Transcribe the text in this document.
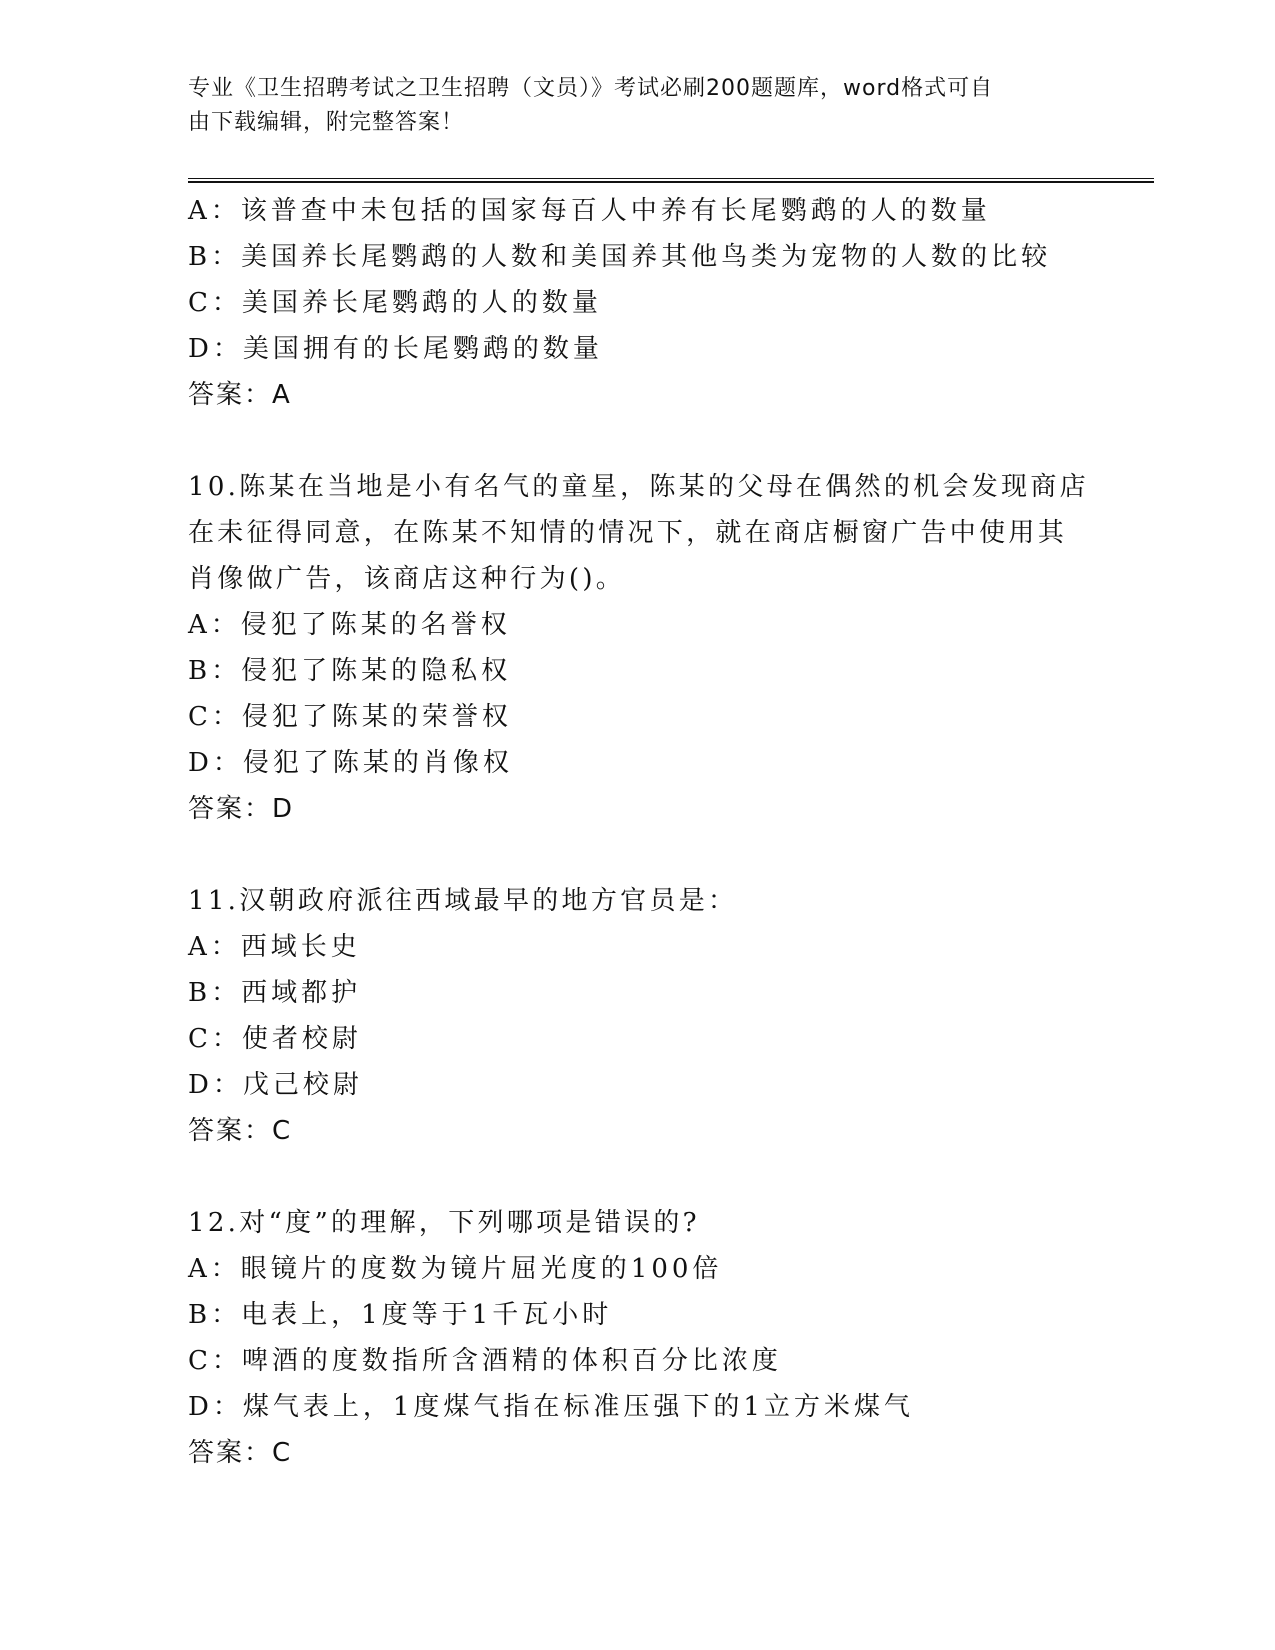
专业《卫生招聘考试之卫生招聘（文员）》考试必刷200题题库，word格式可自
由下载编辑，附完整答案！
A：该普查中未包括的国家每百人中养有长尾鹦鹉的人的数量
B：美国养长尾鹦鹉的人数和美国养其他鸟类为宠物的人数的比较
C：美国养长尾鹦鹉的人的数量
D：美国拥有的长尾鹦鹉的数量
答案：A
10.陈某在当地是小有名气的童星，陈某的父母在偶然的机会发现商店
在未征得同意，在陈某不知情的情况下，就在商店橱窗广告中使用其
肖像做广告，该商店这种行为()。
A：侵犯了陈某的名誉权
B：侵犯了陈某的隐私权
C：侵犯了陈某的荣誉权
D：侵犯了陈某的肖像权
答案：D
11.汉朝政府派往西域最早的地方官员是：
A：西域长史
B：西域都护
C：使者校尉
D：戊己校尉
答案：C
12.对“度”的理解，下列哪项是错误的?
A：眼镜片的度数为镜片屈光度的100倍
B：电表上，1度等于1千瓦小时
C：啤酒的度数指所含酒精的体积百分比浓度
D：煤气表上，1度煤气指在标准压强下的1立方米煤气
答案：C
